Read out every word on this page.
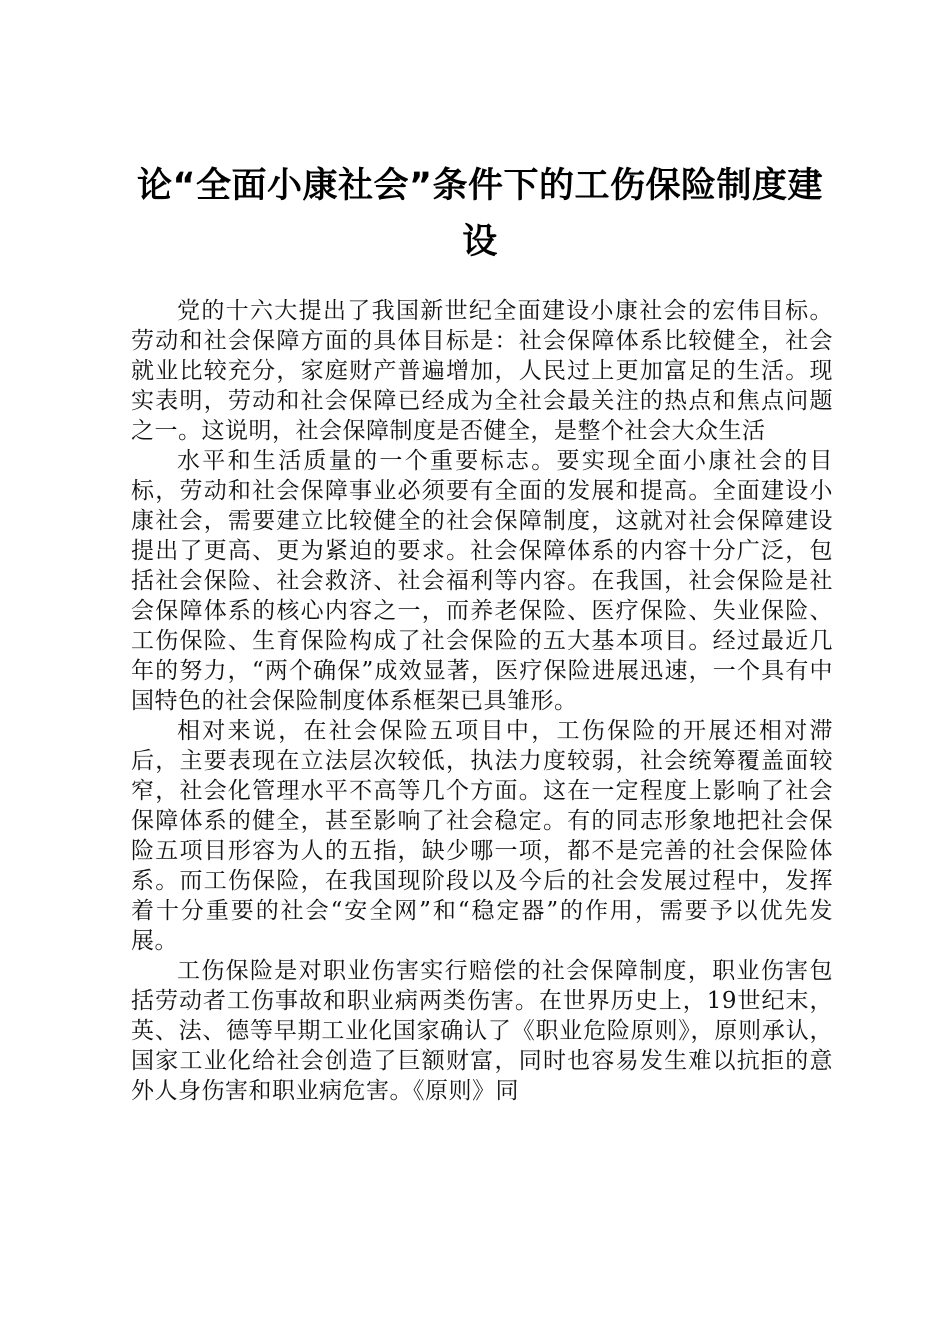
论“全面小康社会”条件下的工伤保险制度建设

党的十六大提出了我国新世纪全面建设小康社会的宏伟目标。劳动和社会保障方面的具体目标是：社会保障体系比较健全，社会就业比较充分，家庭财产普遍增加，人民过上更加富足的生活。现实表明，劳动和社会保障已经成为全社会最关注的热点和焦点问题之一。这说明，社会保障制度是否健全，是整个社会大众生活

水平和生活质量的一个重要标志。要实现全面小康社会的目标，劳动和社会保障事业必须要有全面的发展和提高。全面建设小康社会，需要建立比较健全的社会保障制度，这就对社会保障建设提出了更高、更为紧迫的要求。社会保障体系的内容十分广泛，包括社会保险、社会救济、社会福利等内容。在我国，社会保险是社会保障体系的核心内容之一，而养老保险、医疗保险、失业保险、工伤保险、生育保险构成了社会保险的五大基本项目。经过最近几年的努力，“两个确保”成效显著，医疗保险进展迅速，一个具有中国特色的社会保险制度体系框架已具雏形。

相对来说，在社会保险五项目中，工伤保险的开展还相对滞后，主要表现在立法层次较低，执法力度较弱，社会统筹覆盖面较窄，社会化管理水平不高等几个方面。这在一定程度上影响了社会保障体系的健全，甚至影响了社会稳定。有的同志形象地把社会保险五项目形容为人的五指，缺少哪一项，都不是完善的社会保险体系。而工伤保险，在我国现阶段以及今后的社会发展过程中，发挥着十分重要的社会“安全网”和“稳定器”的作用，需要予以优先发展。

工伤保险是对职业伤害实行赔偿的社会保障制度，职业伤害包括劳动者工伤事故和职业病两类伤害。在世界历史上，19世纪末，英、法、德等早期工业化国家确认了《职业危险原则》，原则承认，国家工业化给社会创造了巨额财富，同时也容易发生难以抗拒的意外人身伤害和职业病危害。《原则》同
